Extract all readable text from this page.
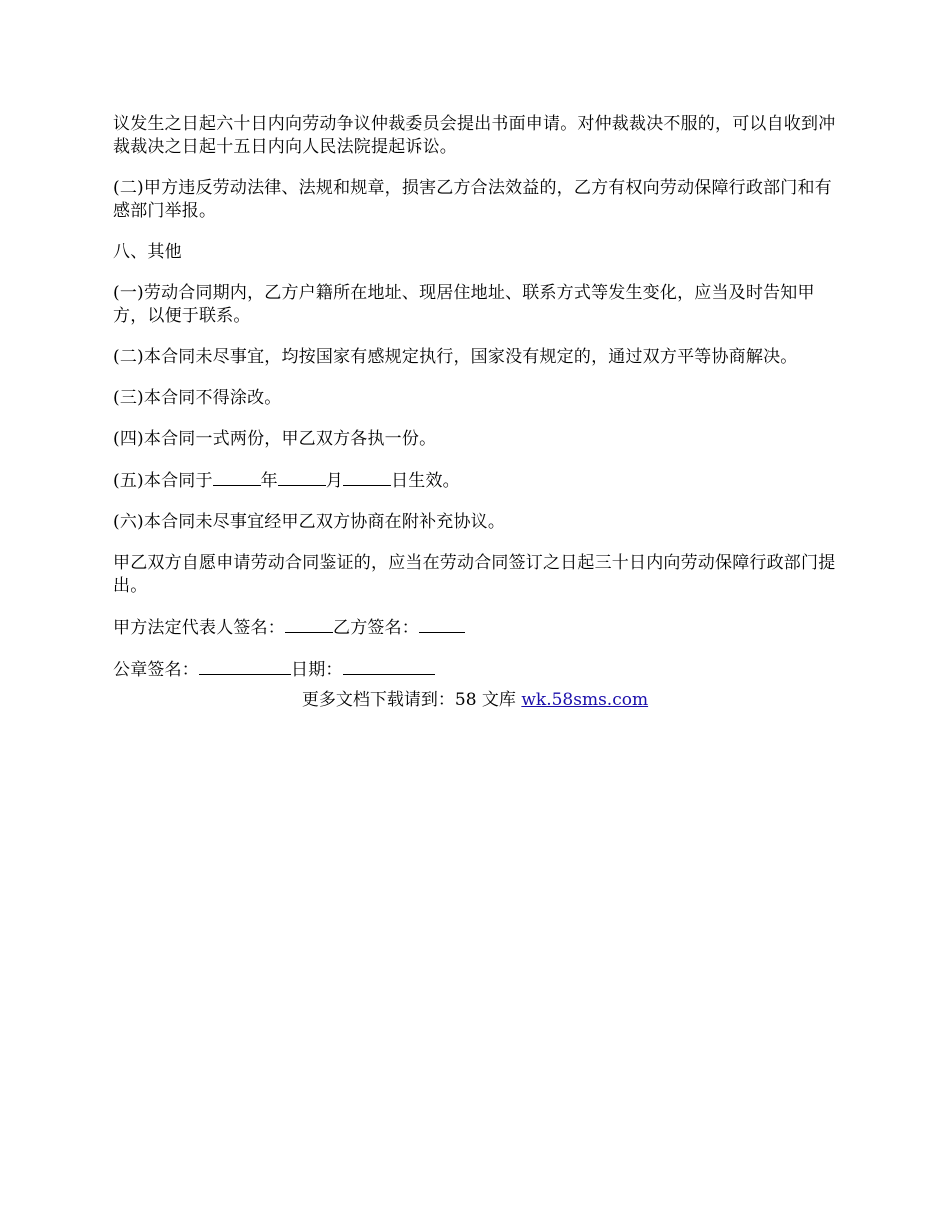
议发生之日起六十日内向劳动争议仲裁委员会提出书面申请。对仲裁裁决不服的，可以自收到冲裁裁决之日起十五日内向人民法院提起诉讼。

(二)甲方违反劳动法律、法规和规章，损害乙方合法效益的，乙方有权向劳动保障行政部门和有感部门举报。

八、其他

(一)劳动合同期内，乙方户籍所在地址、现居住地址、联系方式等发生变化，应当及时告知甲方，以便于联系。

(二)本合同未尽事宜，均按国家有感规定执行，国家没有规定的，通过双方平等协商解决。

(三)本合同不得涂改。

(四)本合同一式两份，甲乙双方各执一份。

(五)本合同于	年	月	日生效。

(六)本合同未尽事宜经甲乙双方协商在附补充协议。

甲乙双方自愿申请劳动合同鉴证的，应当在劳动合同签订之日起三十日内向劳动保障行政部门提出。

甲方法定代表人签名：	乙方签名：

公章签名：	日期：

更多文档下载请到：58 文库 wk.58sms.com
